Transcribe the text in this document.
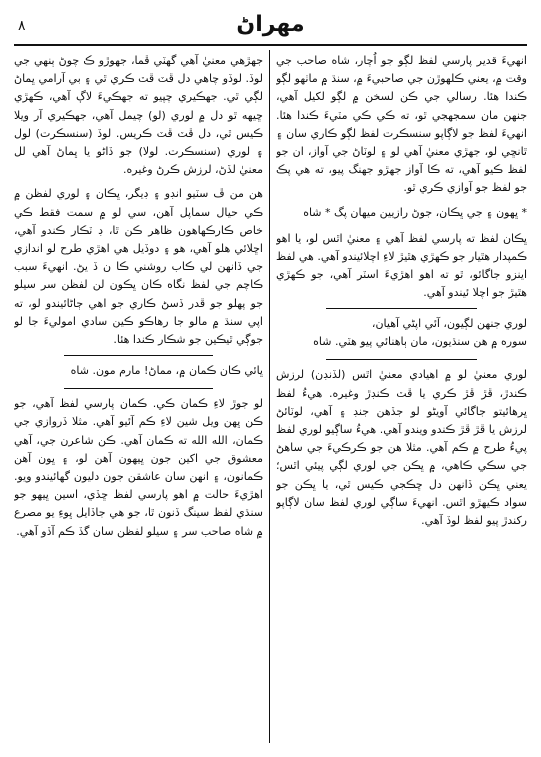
٨	مهراڻ

انهيءَ قدير پارسي لفظ لڳو جو اُچار، شاه صاحب جي وقت ۾، يعني ڪلهوڙن جي صاحبيءَ ۾، سنڌ ۾ ماٺهو لڳو ڪندا هئا. رسالي جي ڪن لسخن ۾ لڳو لکيل آهي، جنهن مان سمجهجي ٿو، ته ڪي ڪي مٽيءَ ڪندا هئا. انهيءَ لفظ جو لاڳاپو سنسڪرت لفظ لڳو ڪاري سان ۽ ٿانڇي لو، جهڙي معنيٰ آهي لو ۽ لوٽاڻ جي آواز، ان جو لفظ ڪيو آهي، ته ڪا آواز جهڙو جهنگ پيو، ته هي پڪ جو لفظ جو آوازي ڪري ٿو.

* ڀهون ۽ جي ڀڪان، جوڻ رازيين ميهان پگ * شاه

ڀڪان لفظ ته پارسي لفظ آهي ۽ معنيٰ اٿس لو، يا اهو ڪمپدار هٿيار جو ڪهڙي هٿيڙ لاءِ اچلائيندو آهي. هي لفظ اينزو جاگائو، ٿو ته اهو اهڙيءَ اسٽر آهي، جو ڪهڙي هٿيڙ جو اچلا ئيندو آهي.

لوري جنهن لڳيون، آئي اپڻي آهيان،
سوره ۾ هن سنڌيون، مان ٻاهنائي پيو هٽي. شاه

لوري معنيٰ لو ۾ اهيادي معنيٰ اٿس (لڏنڊن) لرزش ڪندڙ، ڦڙ ڦڙ ڪري يا ڦٽ ڪنڊڙ وغيره. هيءُ لفظ ڀرهائيتو جاگائي آويڻو لو جڏهن جنڊ ۽ آهي، لوٽائڻ لرزش يا ڦڙ ڦڙ ڪندو ويندو آهي. هيءُ ساڳيو لوري لفظ پيءُ طرح ۾ ڪم آهي. مثلا هن جو ڪرڪيءَ جي ساهڻ جي سڪي ڪاهي، ۾ ڀڪن جي لوري لڳي پيئي اٿس؛ يعني ڀڪن ڏانهن دل ڇڪجي ڪيس ٿي، يا ڀڪن جو سواد ڪيهڙو اٿس. انهيءَ ساڳي لوري لفظ سان لاڳاپو رکندڙ پيو لفظ لوڏ آهي.

جهڙهي معنيٰ آهي گهٽي ڦما، جهوڙو ڪ چوڻ ٻنهي جي لوڏ. لوڏو چاهي دل ڦٽ ڦٽ ڪري ٿي ۽ بي آرامي ڀماڻ لڳي ٿي. جهڪيري چپيو ته جهڪيءَ لاڳ آهي، ڪهڙي ڇيهه ٿو دل ۾ لوري (لو) چيمل آهي، جهڪيري آر ويلا ڪيس ٿي، دل ڦٽ ڦٽ ڪريس. لوڏ (سنسڪرت) لول ۽ لوري (سنسڪرت. لولا) جو ڏاڻو يا ڀماڻ آهي لل معنيٰ لڏڻ، لرزش ڪرڻ وغيره.

هن من ڦ سٽيو انڊو ۽ ڊيگر، ڀڪان ۽ لوري لفظن ۾ ڪي حيال سماپل آهن، سي لو ۾ سمت فقط ڪي خاص ڪارڪهاهون ظاهر ڪن ٿا، ڊ ٽڪار ڪندو آهي، اڇلائي هلو آهي، هو ۽ دوڏيل هي اهڙي طرح لو اندازي جي ڏانهن لي ڪاب روشني ڪا ن ڏ يڻ. انهيءَ سبب ڪاچم جي لفظ نگاه ڪان ڀڪون لن لفظن سر سيلو جو پهلو جو ڦدر ڏسڻ ڪاري جو اهي ڄاڻائيندو لو، ته اپي سنڌ ۾ مالو جا رهاڪو ڪين سادي اموليءَ جا لو جوڳي ٿيڪين جو شڪار ڪندا هئا.

ڀائي ڪان ڪمان ۾، مماڻ! مارم مون. شاه

لو جوڙ لاءِ ڪمان ڪي. ڪمان پارسي لفظ آهي، جو ڪن ڀهن ويل شين لاءِ ڪم آئيو آهي. مثلا ڏروازي جي ڪمان، الله الله ته ڪمان آهي. ڪن شاعرن جي، آهي معشوق جي اکين جون ڀيهون آهن لو، ۽ ڀون آهن ڪمانون، ۽ انهن سان عاشقن جون دليون گهائيندو ويو. اهڙيءَ حالت ۾ اهو پارسي لفظ ڇڏي، اسين ڀيهو جو سنڌي لفظ سينگ ڏنون ٿا، جو هي جاڏايل ڀوءِ يو مصرع ۾ شاه صاحب سر ۽ سيلو لفظن سان گڏ ڪم آڏو آهي.
